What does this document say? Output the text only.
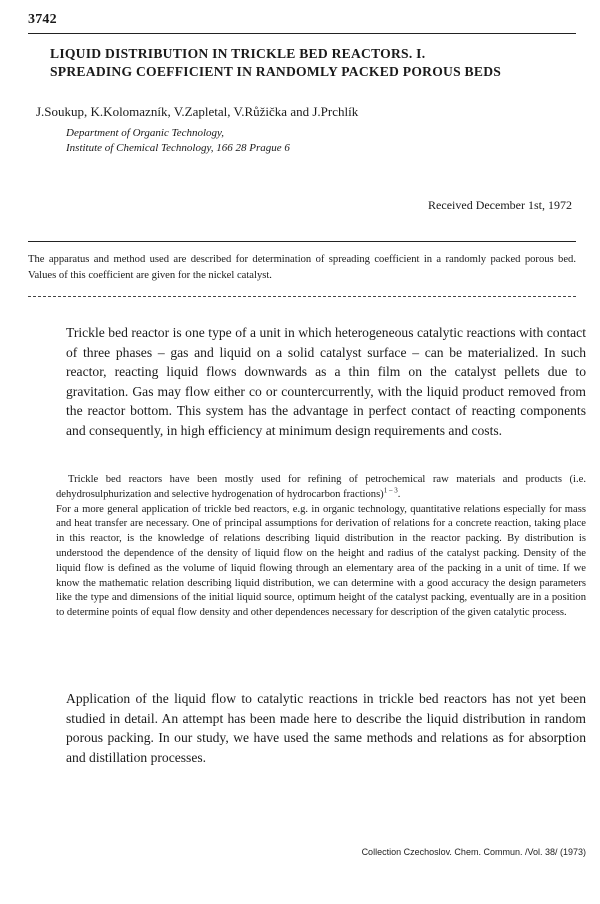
3742
LIQUID DISTRIBUTION IN TRICKLE BED REACTORS. I.
SPREADING COEFFICIENT IN RANDOMLY PACKED POROUS BEDS
J.Soukup, K.Kolomazník, V.Zapletal, V.Růžička and J.Prchlík
Department of Organic Technology,
Institute of Chemical Technology, 166 28 Prague 6
Received December 1st, 1972
The apparatus and method used are described for determination of spreading coefficient in a randomly packed porous bed. Values of this coefficient are given for the nickel catalyst.

Trickle bed reactor is one type of a unit in which heterogeneous catalytic reactions with contact of three phases – gas and liquid on a solid catalyst surface – can be materialized. In such reactor, reacting liquid flows downwards as a thin film on the catalyst pellets due to gravitation. Gas may flow either co or countercurrently, with the liquid product removed from the reactor bottom. This system has the advantage in perfect contact of reacting components and consequently, in high efficiency at minimum design requirements and costs.

Trickle bed reactors have been mostly used for refining of petrochemical raw materials and products (i.e. dehydrosulphurization and selective hydrogenation of hydrocarbon fractions)$^{1 - 3}$.

For a more general application of trickle bed reactors, e.g. in organic technology, quantitative relations especially for mass and heat transfer are necessary. One of principal assumptions for derivation of relations for a concrete reaction, taking place in this reactor, is the knowledge of relations describing liquid distribution in the reactor packing. By distribution is understood the dependence of the density of liquid flow on the height and radius of the catalyst packing. Density of the liquid flow is defined as the volume of liquid flowing through an elementary area of the packing in a unit of time. If we know the mathematic relation describing liquid distribution, we can determine with a good accuracy the design parameters like the type and dimensions of the initial liquid source, optimum height of the catalyst packing, eventually are in a position to determine points of equal flow density and other dependences necessary for description of the given catalytic process.

Application of the liquid flow to catalytic reactions in trickle bed reactors has not yet been studied in detail. An attempt has been made here to describe the liquid distribution in random porous packing. In our study, we have used the same methods and relations as for absorption and distillation processes.

Collection Czechoslov. Chem. Commun. /Vol. 38/ (1973)
